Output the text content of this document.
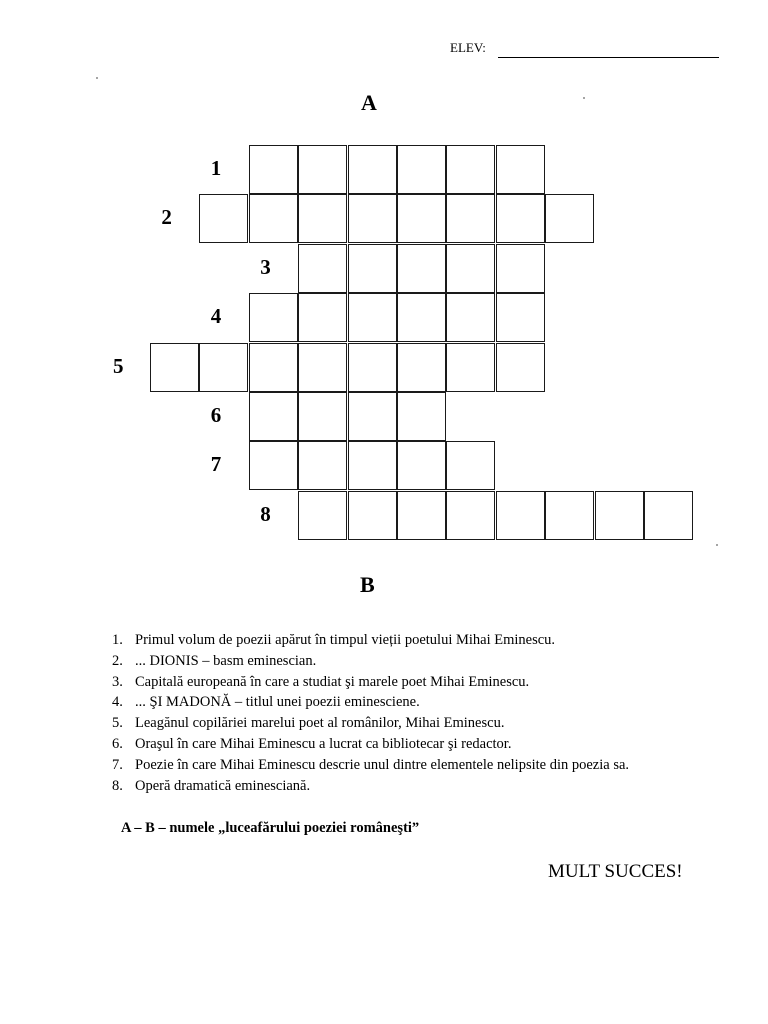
ELEV:
A
1
2
3
4
5
6
7
8
B
1. Primul volum de poezii apărut în timpul vieții poetului Mihai Eminescu.
2. ... DIONIS – basm eminescian.
3. Capitală europeană în care a studiat şi marele poet Mihai Eminescu.
4. ... ŞI MADONĂ – titlul unei poezii eminesciene.
5. Leagănul copilăriei marelui poet al românilor, Mihai Eminescu.
6. Oraşul în care Mihai Eminescu a lucrat ca bibliotecar şi redactor.
7. Poezie în care Mihai Eminescu descrie unul dintre elementele nelipsite din poezia sa.
8. Operă dramatică eminesciană.
A – B – numele „luceafărului poeziei româneşti”
MULT SUCCES!
